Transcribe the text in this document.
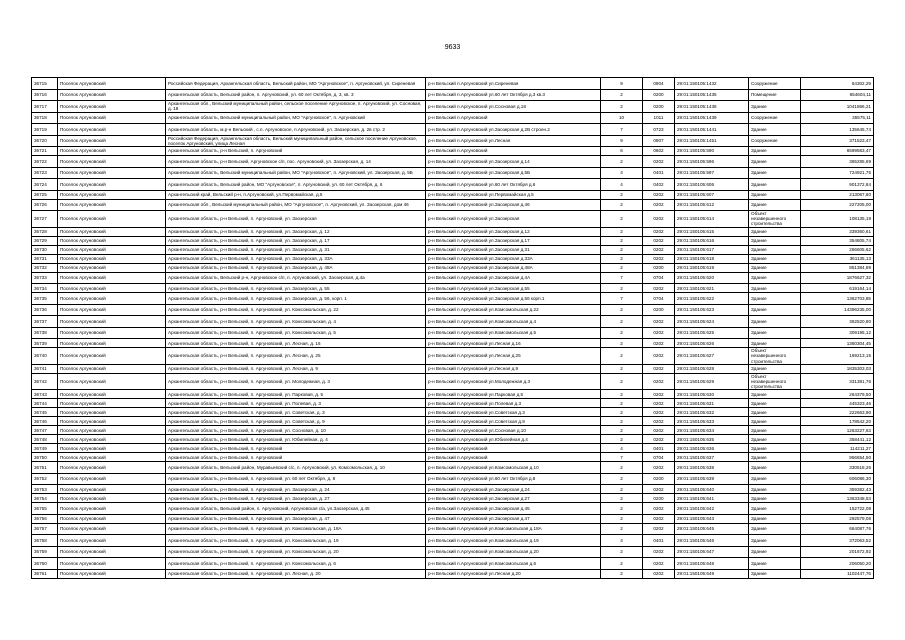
9633
36715	Поселок Аргуновский	Российская Федерация, Архангельская область, Вельский район, МО "Аргуновское", п. Аргуновский, ул. Сиреневая	р-н Вельский п.Аргуновский ул.Сиреневая	9	0904	29:01:150105:1432	Сооружение	64302,29
36716	Поселок Аргуновский	Архангельская область, Вельский район, п. Аргуновский, ул. 60 лет Октября, д. 3, кв. 3	р-н Вельский п.Аргуновский ул.60 лет Октября д.3 кв.3	2	0200	29:01:150105:1435	Помещение	654604,11
36717	Поселок Аргуновский	Архангельская обл., Вельский муниципальный район, сельское поселение Аргуновское, п. Аргуновский, ул. Сосновая, д. 18	р-н Вельский п.Аргуновский ул.Сосновая д.18	2	0200	29:01:150105:1436	Здание	1041866,21
36718	Поселок Аргуновский	Архангельская область, Вельский муниципальный район, МО "Аргуновское", п. Аргуновский	р-н Вельский п.Аргуновский	10	1011	29:01:150105:1439	Сооружение	35575,11
36719	Поселок Аргуновский	Архангельская область, м.р-н Вельский , с.п. Аргуновское, п.Аргуновский, ул. Заозерская, д. 2в стр. 2	р-н Вельский п.Аргуновский ул.Заозерская д.2В строен.2	7	0723	29:01:150105:1441	Здание	135645,74
36720	Поселок Аргуновский	Российская Федерация, Архангельская область, Вельский муниципальный район, сельское поселение Аргуновское, поселок Аргуновский, улица Лесная	р-н Вельский п.Аргуновский ул.Лесная	9	0907	29:01:150105:1451	Сооружение	371523,47
36721	Поселок Аргуновский	Архангельская область, р-н Вельский, п. Аргуновский	р-н Вельский п.Аргуновский	6	0602	29:01:150105:590	Здание	6599583,47
36722	Поселок Аргуновский	Архангельская область, р-н Вельский, Аргуновское с/п, пос. Аргуновский, ул. Заозерская, д. 14	р-н Вельский п.Аргуновский ул.Заозерская д.14	2	0202	29:01:150105:596	Здание	365285,69
36723	Поселок Аргуновский	Архангельская область, Вельский муниципальный район, МО "Аргуновское", п. Аргуновский, ул. Заозерская, д. 5Б	р-н Вельский п.Аргуновский ул.Заозерская д.5Б	4	0401	29:01:150105:597	Здание	724921,75
36724	Поселок Аргуновский	Архангельская область, Вельский район, МО "Аргуновское", п. Аргуновский, ул. 60 лет Октября, д. 6	р-н Вельский п.Аргуновский ул.60 лет Октября д.6	4	0402	29:01:150105:606	Здание	901372,84
36725	Поселок Аргуновский	Архангельский край, Вельский р-н, п.Аргуновский, ул.Первомайская, д.5	р-н Вельский п.Аргуновский ул.Первомайская д.5	2	0202	29:01:150105:607	Здание	213067,60
36726	Поселок Аргуновский	Архангельская обл., Вельский муниципальный район, МО "Аргуновское", п. Аргуновский, ул. Заозерская, дом 46	р-н Вельский п.Аргуновский ул.Заозерская д.46	2	0202	29:01:150105:612	Здание	227205,00
36727	Поселок Аргуновский	Архангельская область, р-н Вельский, п. Аргуновский, ул. Заозерская	р-н Вельский п.Аргуновский ул.Заозерская	2	0202	29:01:150105:614	Объект незавершенного строительства	108135,19
36728	Поселок Аргуновский	Архангельская область, р-н Вельский, п. Аргуновский, ул. Заозерская, д. 12	р-н Вельский п.Аргуновский ул.Заозерская д.12	2	0202	29:01:150105:615	Здание	339360,61
36729	Поселок Аргуновский	Архангельская область, р-н Вельский, п. Аргуновский, ул. Заозерская, д. 17	р-н Вельский п.Аргуновский ул.Заозерская д.17	2	0202	29:01:150105:616	Здание	354805,74
36730	Поселок Аргуновский	Архангельская область, р-н Вельский, п. Аргуновский, ул. Заозерская, д. 31	р-н Вельский п.Аргуновский ул.Заозерская д.31	2	0202	29:01:150105:617	Здание	266605,62
36731	Поселок Аргуновский	Архангельская область, р-н Вельский, п. Аргуновский, ул. Заозерская, д. 33А	р-н Вельский п.Аргуновский ул.Заозерская д.33А	2	0202	29:01:150105:618	Здание	361135,13
36732	Поселок Аргуновский	Архангельская область, р-н Вельский, п. Аргуновский, ул. Заозерская, д. 48А	р-н Вельский п.Аргуновский ул.Заозерская д.48А	2	0200	29:01:150105:619	Здание	851384,89
36733	Поселок Аргуновский	Архангельская область, Вельский р-н, Аргуновское с/п, п. Аргуновский, ул. Заозерская, д.4а	р-н Вельский п.Аргуновский ул.Заозерская д.4А	7	0704	29:01:150105:620	Здание	1876627,32
36734	Поселок Аргуновский	Архангельская область, р-н Вельский, п. Аргуновский, ул. Заозерская, д. 55	р-н Вельский п.Аргуновский ул.Заозерская д.55	2	0202	29:01:150105:621	Здание	619164,14
36735	Поселок Аргуновский	Архангельская область, р-н Вельский, п. Аргуновский, ул. Заозерская, д. 56, корп. 1	р-н Вельский п.Аргуновский ул.Заозерская д.56 корп.1	7	0704	29:01:150105:622	Здание	1362703,85
36736	Поселок Аргуновский	Архангельская область, р-н Вельский, п. Аргуновский, ул. Комсомольская, д. 22	р-н Вельский п.Аргуновский ул.Комсомольская д.22	2	0200	29:01:150105:623	Здание	14396235,00
36737	Поселок Аргуновский	Архангельская область, р-н Вельский, п. Аргуновский, ул. Комсомольская, д. 4	р-н Вельский п.Аргуновский ул.Комсомольская д.4	2	0202	29:01:150105:624	Здание	362520,80
36738	Поселок Аргуновский	Архангельская область, р-н Вельский, п. Аргуновский, ул. Комсомольская, д. 5	р-н Вельский п.Аргуновский ул.Комсомольская д.5	2	0202	29:01:150105:625	Здание	309195,12
36739	Поселок Аргуновский	Архангельская область, р-н Вельский, п. Аргуновский, ул. Лесная, д. 16	р-н Вельский п.Аргуновский ул.Лесная д.16	2	0202	29:01:150105:626	Здание	1360304,45
36740	Поселок Аргуновский	Архангельская область, р-н Вельский, п. Аргуновский, ул. Лесная, д. 25	р-н Вельский п.Аргуновский ул.Лесная д.25	2	0202	29:01:150105:627	Объект незавершенного строительства	169213,15
36741	Поселок Аргуновский	Архангельская область, р-н Вельский, п. Аргуновский, ул. Лесная, д. 9	р-н Вельский п.Аргуновский ул.Лесная д.9	2	0202	29:01:150105:628	Здание	1835303,03
36742	Поселок Аргуновский	Архангельская область, р-н Вельский, п. Аргуновский, ул. Молодежная, д. 3	р-н Вельский п.Аргуновский ул.Молодежная д.3	2	0202	29:01:150105:629	Объект незавершенного строительства	331381,76
36743	Поселок Аргуновский	Архангельская область, р-н Вельский, п. Аргуновский, ул. Парковая, д. 5	р-н Вельский п.Аргуновский ул.Парковая д.5	2	0202	29:01:150105:630	Здание	264379,50
36744	Поселок Аргуновский	Архангельская область, р-н Вельский, п. Аргуновский, ул. Полевая, д. 3	р-н Вельский п.Аргуновский ул.Полевая д.3	2	0202	29:01:150105:631	Здание	445323,46
36745	Поселок Аргуновский	Архангельская область, р-н Вельский, п. Аргуновский, ул. Советская, д. 3	р-н Вельский п.Аргуновский ул.Советская д.3	2	0202	29:01:150105:632	Здание	222663,90
36746	Поселок Аргуновский	Архангельская область, р-н Вельский, п. Аргуновский, ул. Советская, д. 9	р-н Вельский п.Аргуновский ул.Советская д.9	2	0202	29:01:150105:633	Здание	178542,20
36747	Поселок Аргуновский	Архангельская область, р-н Вельский, п. Аргуновский, ул. Сосновая, д. 10	р-н Вельский п.Аргуновский ул.Сосновая д.10	2	0202	29:01:150105:634	Здание	1263227,63
36748	Поселок Аргуновский	Архангельская область, р-н Вельский, п. Аргуновский, ул. Юбилейная, д. 4	р-н Вельский п.Аргуновский ул.Юбилейная д.4	2	0202	29:01:150105:635	Здание	358441,12
36749	Поселок Аргуновский	Архангельская область, р-н Вельский, п. Аргуновский	р-н Вельский п.Аргуновский	4	0401	29:01:150105:636	Здание	114211,27
36750	Поселок Аргуновский	Архангельская область, р-н Вельский, п. Аргуновский	р-н Вельский п.Аргуновский	7	0704	29:01:150105:637	Здание	956654,50
36751	Поселок Аргуновский	Архангельская область, Вельский район, Муравьевский с/с, п. Аргуновский, ул. Комсомольская, д. 10	р-н Вельский п.Аргуновский ул.Комсомольская д.10	2	0202	29:01:150105:638	Здание	330518,26
36752	Поселок Аргуновский	Архангельская область, р-н Вельский, п. Аргуновский, ул. 60 лет Октября, д. 8	р-н Вельский п.Аргуновский ул.60 лет Октября д.8	2	0200	29:01:150105:639	Здание	606086,30
36753	Поселок Аргуновский	Архангельская область, р-н Вельский, п. Аргуновский, ул. Заозерская, д. 24	р-н Вельский п.Аргуновский ул.Заозерская д.24	2	0202	29:01:150105:640	Здание	359382,43
36754	Поселок Аргуновский	Архангельская область, р-н Вельский, п. Аргуновский, ул. Заозерская, д. 27	р-н Вельский п.Аргуновский ул.Заозерская д.27	2	0200	29:01:150105:641	Здание	1363348,53
36755	Поселок Аргуновский	Архангельская область, Вельский район, п. Аргуновский, Аргуновская с/а, ул.Заозерская, д.45	р-н Вельский п.Аргуновский ул.Заозерская д.45	2	0202	29:01:150105:642	Здание	152722,08
36756	Поселок Аргуновский	Архангельская область, р-н Вельский, п. Аргуновский, ул. Заозерская, д. 47	р-н Вельский п.Аргуновский ул.Заозерская д.47	2	0202	29:01:150105:643	Здание	292579,08
36757	Поселок Аргуновский	Архангельская область, р-н Вельский, п. Аргуновский, ул. Комсомольская, д. 18А	р-н Вельский п.Аргуновский ул.Комсомольская д.18А	2	0202	29:01:150105:645	Здание	664087,76
36758	Поселок Аргуновский	Архангельская область, р-н Вельский, п. Аргуновский, ул. Комсомольская, д. 19	р-н Вельский п.Аргуновский ул.Комсомольская д.19	4	0401	29:01:150105:646	Здание	372063,52
36759	Поселок Аргуновский	Архангельская область, р-н Вельский, п. Аргуновский, ул. Комсомольская, д. 20	р-н Вельский п.Аргуновский ул.Комсомольская д.20	2	0202	29:01:150105:647	Здание	201672,92
36760	Поселок Аргуновский	Архангельская область, р-н Вельский, п. Аргуновский, ул. Комсомольская, д. 6	р-н Вельский п.Аргуновский ул.Комсомольская д.6	2	0202	29:01:150105:648	Здание	206050,20
36761	Поселок Аргуновский	Архангельская область, р-н Вельский, п. Аргуновский, ул. Лесная, д. 20	р-н Вельский п.Аргуновский ул.Лесная д.20	2	0202	29:01:150105:649	Здание	1102447,76
